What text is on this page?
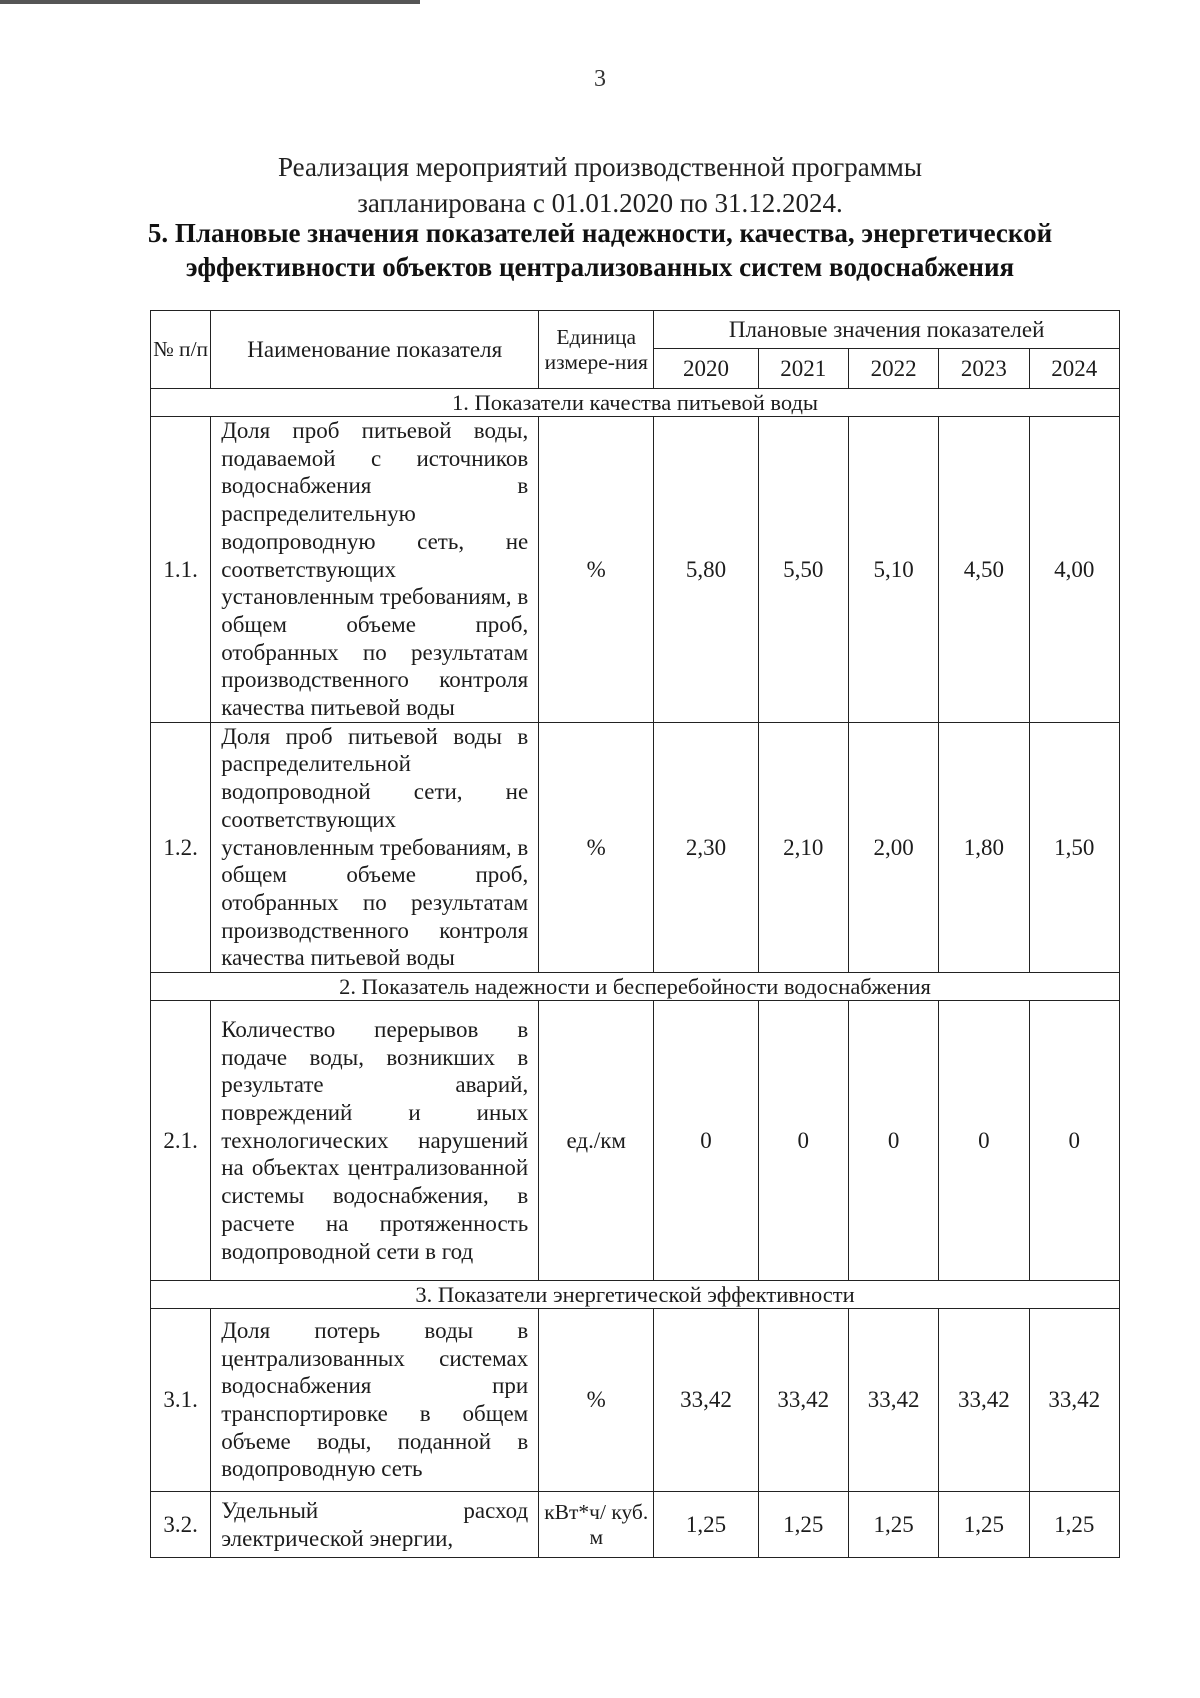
3
Реализация мероприятий производственной программы
запланирована с 01.01.2020 по 31.12.2024.
5. Плановые значения показателей надежности, качества, энергетической
эффективности объектов централизованных систем водоснабжения
№ п/п	Наименование показателя	Единица измере-ния	Плановые значения показателей				
			2020	2021	2022	2023	2024
1. Показатели качества питьевой воды							
1.1.	Доля проб питьевой воды, подаваемой с источников водоснабжения в распределительную водопроводную сеть, не соответствующих установленным требованиям, в общем объеме проб, отобранных по результатам производственного контроля качества питьевой воды	%	5,80	5,50	5,10	4,50	4,00
1.2.	Доля проб питьевой воды в распределительной водопроводной сети, не соответствующих установленным требованиям, в общем объеме проб, отобранных по результатам производственного контроля качества питьевой воды	%	2,30	2,10	2,00	1,80	1,50
2. Показатель надежности и бесперебойности водоснабжения							
2.1.	Количество перерывов в подаче воды, возникших в результате аварий, повреждений и иных технологических нарушений на объектах централизованной системы водоснабжения, в расчете на протяженность водопроводной сети в год	ед./км	0	0	0	0	0
3. Показатели энергетической эффективности							
3.1.	Доля потерь воды в централизованных системах водоснабжения при транспортировке в общем объеме воды, поданной в водопроводную сеть	%	33,42	33,42	33,42	33,42	33,42
3.2.	Удельный расход электрической энергии,	кВт*ч/ куб. м	1,25	1,25	1,25	1,25	1,25
